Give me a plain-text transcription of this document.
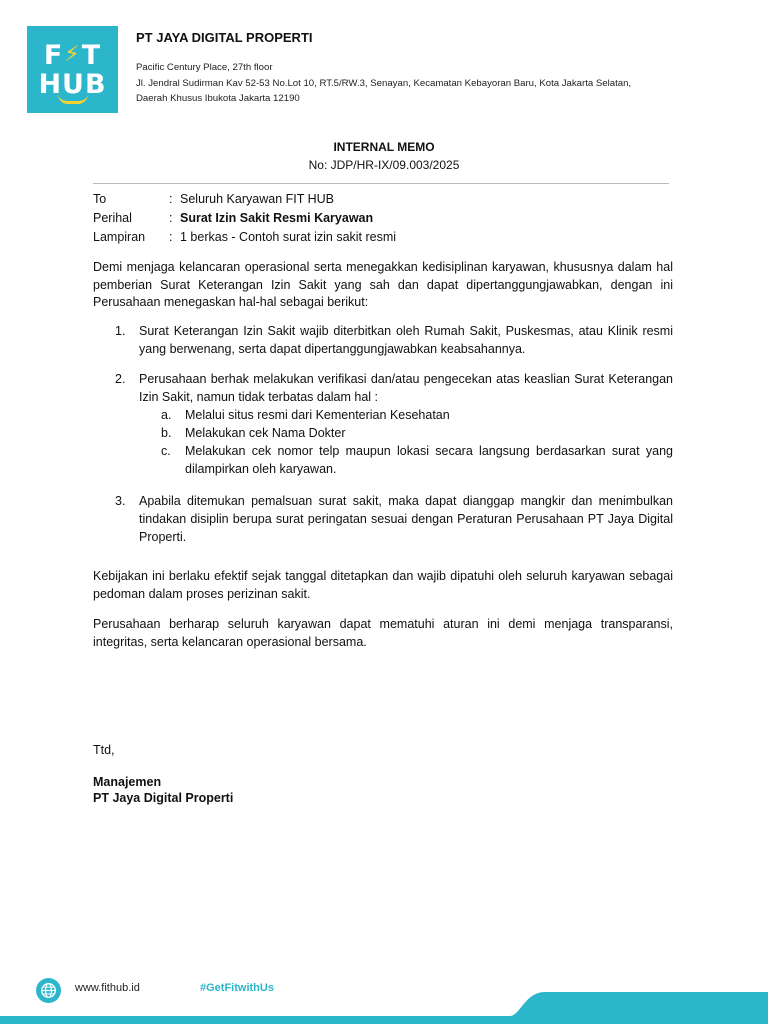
F ⚡ T
HUB
PT JAYA DIGITAL PROPERTI
Pacific Century Place, 27th floor
Jl. Jendral Sudirman Kav 52-53 No.Lot 10, RT.5/RW.3, Senayan, Kecamatan Kebayoran Baru, Kota Jakarta Selatan,
Daerah Khusus Ibukota Jakarta 12190
INTERNAL MEMO
No: JDP/HR-IX/09.003/2025
To	: Seluruh Karyawan FIT HUB
Perihal	: Surat Izin Sakit Resmi Karyawan
Lampiran : 1 berkas - Contoh surat izin sakit resmi
Demi menjaga kelancaran operasional serta menegakkan kedisiplinan karyawan, khususnya dalam hal pemberian Surat Keterangan Izin Sakit yang sah dan dapat dipertanggungjawabkan, dengan ini Perusahaan menegaskan hal-hal sebagai berikut:
1. Surat Keterangan Izin Sakit wajib diterbitkan oleh Rumah Sakit, Puskesmas, atau Klinik resmi yang berwenang, serta dapat dipertanggungjawabkan keabsahannya.
2. Perusahaan berhak melakukan verifikasi dan/atau pengecekan atas keaslian Surat Keterangan Izin Sakit, namun tidak terbatas dalam hal :
a. Melalui situs resmi dari Kementerian Kesehatan
b. Melakukan cek Nama Dokter
c. Melakukan cek nomor telp maupun lokasi secara langsung berdasarkan surat yang dilampirkan oleh karyawan.
3. Apabila ditemukan pemalsuan surat sakit, maka dapat dianggap mangkir dan menimbulkan tindakan disiplin berupa surat peringatan sesuai dengan Peraturan Perusahaan PT Jaya Digital Properti.
Kebijakan ini berlaku efektif sejak tanggal ditetapkan dan wajib dipatuhi oleh seluruh karyawan sebagai pedoman dalam proses perizinan sakit.
Perusahaan berharap seluruh karyawan dapat mematuhi aturan ini demi menjaga transparansi, integritas, serta kelancaran operasional bersama.
Ttd,
Manajemen
PT Jaya Digital Properti
www.fithub.id	#GetFitwithUs
